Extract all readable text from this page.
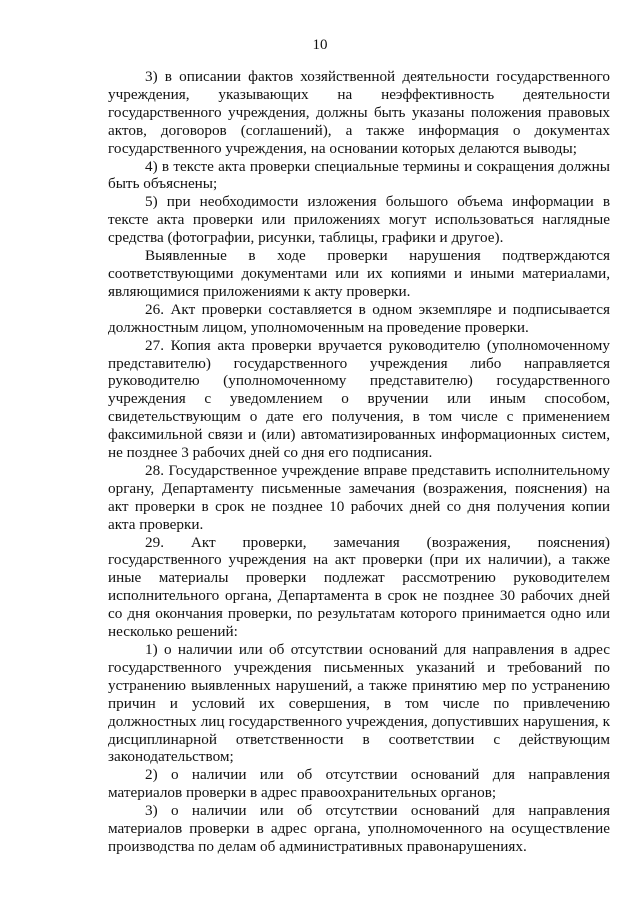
10

3) в описании фактов хозяйственной деятельности государственного учреждения, указывающих на неэффективность деятельности государственного учреждения, должны быть указаны положения правовых актов, договоров (соглашений), а также информация о документах государственного учреждения, на основании которых делаются выводы;

4) в тексте акта проверки специальные термины и сокращения должны быть объяснены;

5) при необходимости изложения большого объема информации в тексте акта проверки или приложениях могут использоваться наглядные средства (фотографии, рисунки, таблицы, графики и другое).

Выявленные в ходе проверки нарушения подтверждаются соответствующими документами или их копиями и иными материалами, являющимися приложениями к акту проверки.

26. Акт проверки составляется в одном экземпляре и подписывается должностным лицом, уполномоченным на проведение проверки.

27. Копия акта проверки вручается руководителю (уполномоченному представителю) государственного учреждения либо направляется руководителю (уполномоченному представителю) государственного учреждения с уведомлением о вручении или иным способом, свидетельствующим о дате его получения, в том числе с применением факсимильной связи и (или) автоматизированных информационных систем, не позднее 3 рабочих дней со дня его подписания.

28. Государственное учреждение вправе представить исполнительному органу, Департаменту письменные замечания (возражения, пояснения) на акт проверки в срок не позднее 10 рабочих дней со дня получения копии акта проверки.

29. Акт проверки, замечания (возражения, пояснения) государственного учреждения на акт проверки (при их наличии), а также иные материалы проверки подлежат рассмотрению руководителем исполнительного органа, Департамента в срок не позднее 30 рабочих дней со дня окончания проверки, по результатам которого принимается одно или несколько решений:

1) о наличии или об отсутствии оснований для направления в адрес государственного учреждения письменных указаний и требований по устранению выявленных нарушений, а также принятию мер по устранению причин и условий их совершения, в том числе по привлечению должностных лиц государственного учреждения, допустивших нарушения, к дисциплинарной ответственности в соответствии с действующим законодательством;

2) о наличии или об отсутствии оснований для направления материалов проверки в адрес правоохранительных органов;

3) о наличии или об отсутствии оснований для направления материалов проверки в адрес органа, уполномоченного на осуществление производства по делам об административных правонарушениях.
